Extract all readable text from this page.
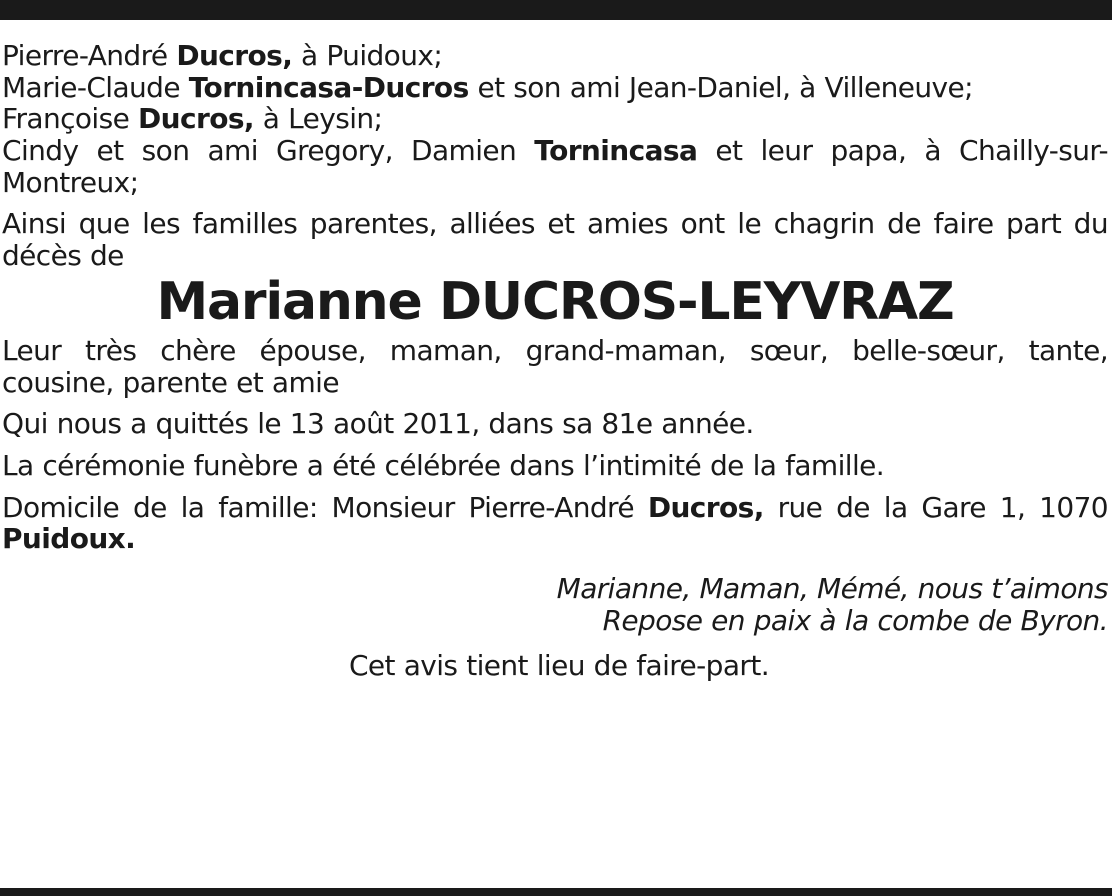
Pierre-André Ducros, à Puidoux;
Marie-Claude Tornincasa-Ducros et son ami Jean-Daniel, à Villeneuve;
Françoise Ducros, à Leysin;
Cindy et son ami Gregory, Damien Tornincasa et leur papa, à Chailly-sur-Montreux;

Ainsi que les familles parentes, alliées et amies ont le chagrin de faire part du décès de

Marianne DUCROS-LEYVRAZ

Leur très chère épouse, maman, grand-maman, sœur, belle-sœur, tante, cousine, parente et amie

Qui nous a quittés le 13 août 2011, dans sa 81e année.

La cérémonie funèbre a été célébrée dans l’intimité de la famille.

Domicile de la famille: Monsieur Pierre-André Ducros, rue de la Gare 1, 1070 Puidoux.

Marianne, Maman, Mémé, nous t’aimons
Repose en paix à la combe de Byron.
Cet avis tient lieu de faire-part.
